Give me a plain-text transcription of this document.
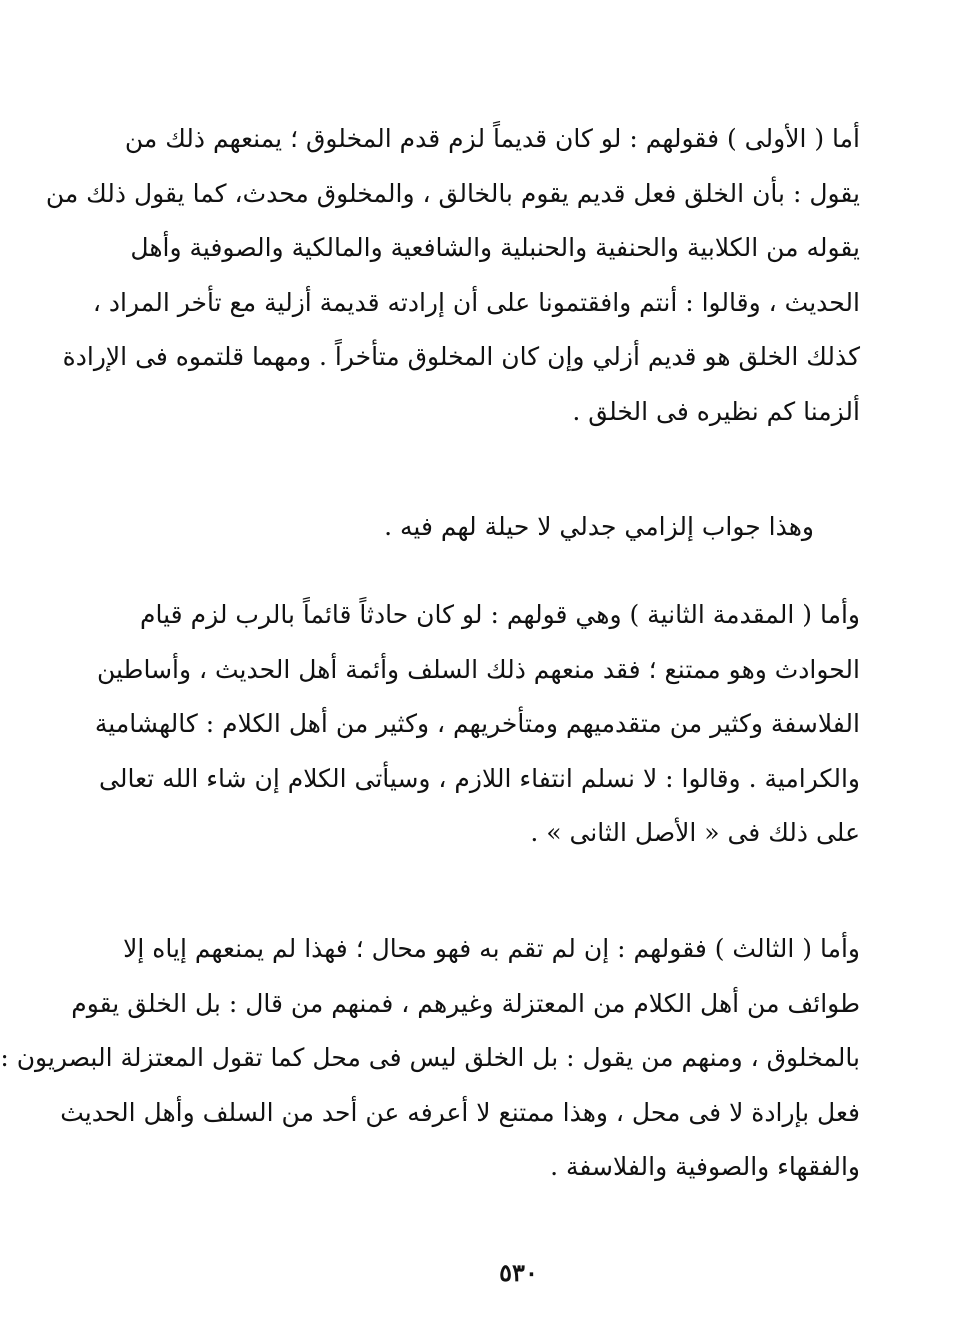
أما ( الأولى ) فقولهم : لو كان قديماً لزم قدم المخلوق ؛ يمنعهم ذلك من
يقول : بأن الخلق فعل قديم يقوم بالخالق ، والمخلوق محدث، كما يقول ذلك من
يقوله من الكلابية والحنفية والحنبلية والشافعية والمالكية والصوفية وأهل
الحديث ، وقالوا : أنتم وافقتمونا على أن إرادته قديمة أزلية مع تأخر المراد ،
كذلك الخلق هو قديم أزلي وإن كان المخلوق متأخراً . ومهما قلتموه فى الإرادة
ألزمنا كم نظيره فى الخلق .
وهذا جواب إلزامي جدلي لا حيلة لهم فيه .
وأما ( المقدمة الثانية ) وهي قولهم : لو كان حادثاً قائماً بالرب لزم قيام
الحوادث وهو ممتنع ؛ فقد منعهم ذلك السلف وأئمة أهل الحديث ، وأساطين
الفلاسفة وكثير من متقدميهم ومتأخريهم ، وكثير من أهل الكلام : كالهشامية
والكرامية . وقالوا : لا نسلم انتفاء اللازم ، وسيأتى الكلام إن شاء الله تعالى
على ذلك فى « الأصل الثانى » .
وأما ( الثالث ) فقولهم : إن لم تقم به فهو محال ؛ فهذا لم يمنعهم إياه إلا
طوائف من أهل الكلام من المعتزلة وغيرهم ، فمنهم من قال : بل الخلق يقوم
بالمخلوق ، ومنهم من يقول : بل الخلق ليس فى محل كما تقول المعتزلة البصريون :
فعل بإرادة لا فى محل ، وهذا ممتنع لا أعرفه عن أحد من السلف وأهل الحديث
والفقهاء والصوفية والفلاسفة .
٥٣٠
